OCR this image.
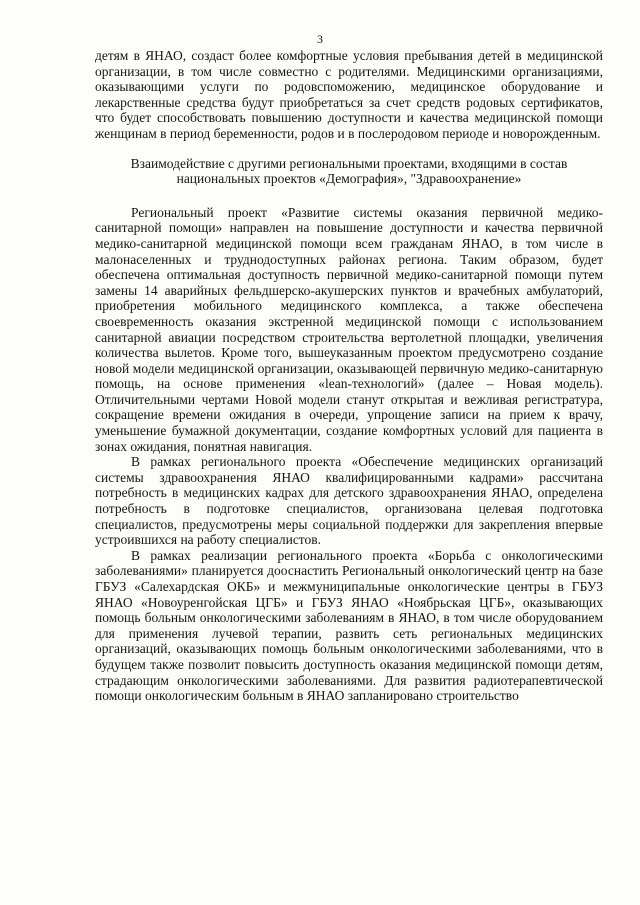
3

детям в ЯНАО, создаст более комфортные условия пребывания детей в медицинской организации, в том числе совместно с родителями. Медицинскими организациями, оказывающими услуги по родовспоможению, медицинское оборудование и лекарственные средства будут приобретаться за счет средств родовых сертификатов, что будет способствовать повышению доступности и качества медицинской помощи женщинам в период беременности, родов и в послеродовом периоде и новорожденным.

Взаимодействие с другими региональными проектами, входящими в состав национальных проектов «Демография», "Здравоохранение»

Региональный проект «Развитие системы оказания первичной медико-санитарной помощи» направлен на повышение доступности и качества первичной медико-санитарной медицинской помощи всем гражданам ЯНАО, в том числе в малонаселенных и труднодоступных районах региона. Таким образом, будет обеспечена оптимальная доступность первичной медико-санитарной помощи путем замены 14 аварийных фельдшерско-акушерских пунктов и врачебных амбулаторий, приобретения мобильного медицинского комплекса, а также обеспечена своевременность оказания экстренной медицинской помощи с использованием санитарной авиации посредством строительства вертолетной площадки, увеличения количества вылетов. Кроме того, вышеуказанным проектом предусмотрено создание новой модели медицинской организации, оказывающей первичную медико-санитарную помощь, на основе применения «lean-технологий» (далее – Новая модель). Отличительными чертами Новой модели станут открытая и вежливая регистратура, сокращение времени ожидания в очереди, упрощение записи на прием к врачу, уменьшение бумажной документации, создание комфортных условий для пациента в зонах ожидания, понятная навигация.

В рамках регионального проекта «Обеспечение медицинских организаций системы здравоохранения ЯНАО квалифицированными кадрами» рассчитана потребность в медицинских кадрах для детского здравоохранения ЯНАО, определена потребность в подготовке специалистов, организована целевая подготовка специалистов, предусмотрены меры социальной поддержки для закрепления впервые устроившихся на работу специалистов.

В рамках реализации регионального проекта «Борьба с онкологическими заболеваниями» планируется дооснастить Региональный онкологический центр на базе ГБУЗ «Салехардская ОКБ» и межмуниципальные онкологические центры в ГБУЗ ЯНАО «Новоуренгойская ЦГБ» и ГБУЗ ЯНАО «Ноябрьская ЦГБ», оказывающих помощь больным онкологическими заболеваниям в ЯНАО, в том числе оборудованием для применения лучевой терапии, развить сеть региональных медицинских организаций, оказывающих помощь больным онкологическими заболеваниями, что в будущем также позволит повысить доступность оказания медицинской помощи детям, страдающим онкологическими заболеваниями. Для развития радиотерапевтической помощи онкологическим больным в ЯНАО запланировано строительство
